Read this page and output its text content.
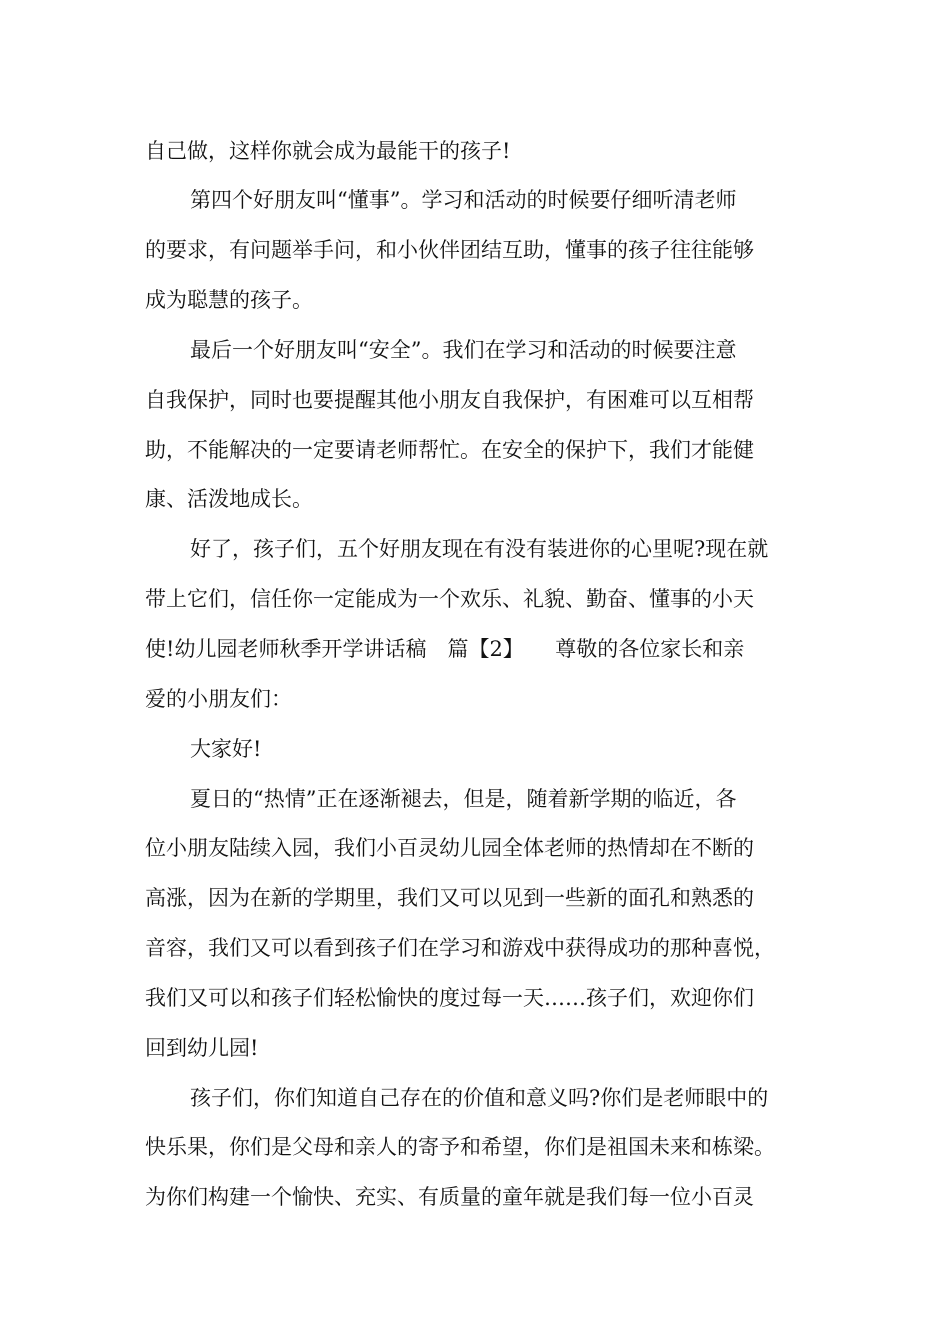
自己做，这样你就会成为最能干的孩子!
第四个好朋友叫“懂事”。学习和活动的时候要仔细听清老师
的要求，有问题举手问，和小伙伴团结互助，懂事的孩子往往能够
成为聪慧的孩子。
最后一个好朋友叫“安全”。我们在学习和活动的时候要注意
自我保护，同时也要提醒其他小朋友自我保护，有困难可以互相帮
助，不能解决的一定要请老师帮忙。在安全的保护下，我们才能健
康、活泼地成长。
好了，孩子们，五个好朋友现在有没有装进你的心里呢?现在就
带上它们，信任你一定能成为一个欢乐、礼貌、勤奋、懂事的小天
使!幼儿园老师秋季开学讲话稿　篇【2】　　尊敬的各位家长和亲
爱的小朋友们：
大家好!
夏日的“热情”正在逐渐褪去，但是，随着新学期的临近，各
位小朋友陆续入园，我们小百灵幼儿园全体老师的热情却在不断的
高涨，因为在新的学期里，我们又可以见到一些新的面孔和熟悉的
音容，我们又可以看到孩子们在学习和游戏中获得成功的那种喜悦，
我们又可以和孩子们轻松愉快的度过每一天……孩子们，欢迎你们
回到幼儿园!
孩子们，你们知道自己存在的价值和意义吗?你们是老师眼中的
快乐果，你们是父母和亲人的寄予和希望，你们是祖国未来和栋梁。
为你们构建一个愉快、充实、有质量的童年就是我们每一位小百灵
